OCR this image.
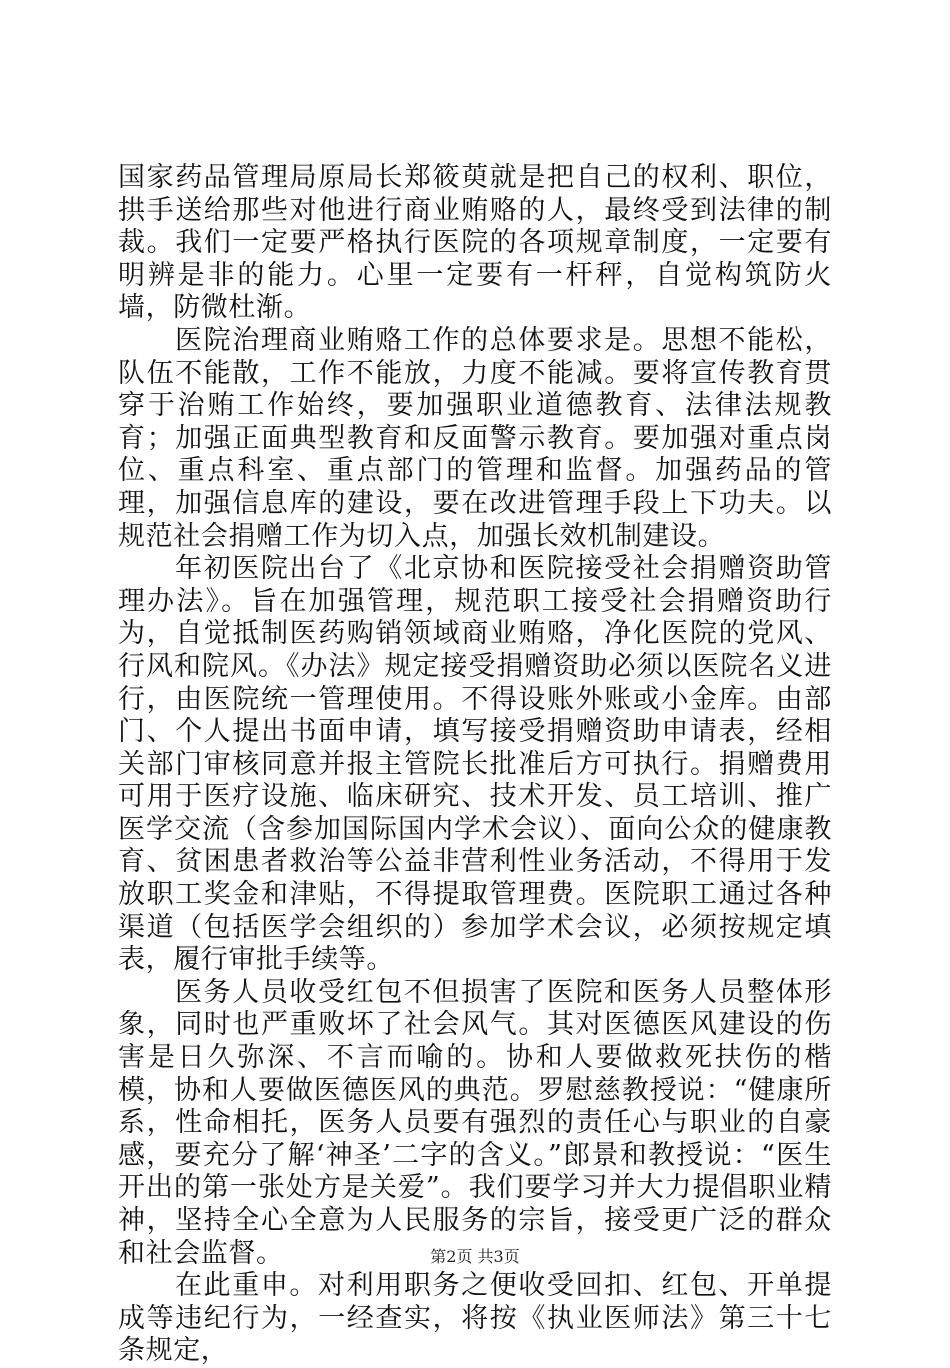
国家药品管理局原局长郑筱萸就是把自己的权利、职位，拱手送给那些对他进行商业贿赂的人，最终受到法律的制裁。我们一定要严格执行医院的各项规章制度，一定要有明辨是非的能力。心里一定要有一杆秤，自觉构筑防火墙，防微杜渐。

医院治理商业贿赂工作的总体要求是。思想不能松，队伍不能散，工作不能放，力度不能减。要将宣传教育贯穿于治贿工作始终，要加强职业道德教育、法律法规教育；加强正面典型教育和反面警示教育。要加强对重点岗位、重点科室、重点部门的管理和监督。加强药品的管理，加强信息库的建设，要在改进管理手段上下功夫。以规范社会捐赠工作为切入点，加强长效机制建设。

年初医院出台了《北京协和医院接受社会捐赠资助管理办法》。旨在加强管理，规范职工接受社会捐赠资助行为，自觉抵制医药购销领域商业贿赂，净化医院的党风、行风和院风。《办法》规定接受捐赠资助必须以医院名义进行，由医院统一管理使用。不得设账外账或小金库。由部门、个人提出书面申请，填写接受捐赠资助申请表，经相关部门审核同意并报主管院长批准后方可执行。捐赠费用可用于医疗设施、临床研究、技术开发、员工培训、推广医学交流（含参加国际国内学术会议）、面向公众的健康教育、贫困患者救治等公益非营利性业务活动，不得用于发放职工奖金和津贴，不得提取管理费。医院职工通过各种渠道（包括医学会组织的）参加学术会议，必须按规定填表，履行审批手续等。

医务人员收受红包不但损害了医院和医务人员整体形象，同时也严重败坏了社会风气。其对医德医风建设的伤害是日久弥深、不言而喻的。协和人要做救死扶伤的楷模，协和人要做医德医风的典范。罗慰慈教授说：“健康所系，性命相托，医务人员要有强烈的责任心与职业的自豪感，要充分了解‘神圣’二字的含义。”郎景和教授说：“医生开出的第一张处方是关爱”。我们要学习并大力提倡职业精神，坚持全心全意为人民服务的宗旨，接受更广泛的群众和社会监督。

在此重申。对利用职务之便收受回扣、红包、开单提成等违纪行为，一经查实，将按《执业医师法》第三十七条规定，

第2页 共3页
